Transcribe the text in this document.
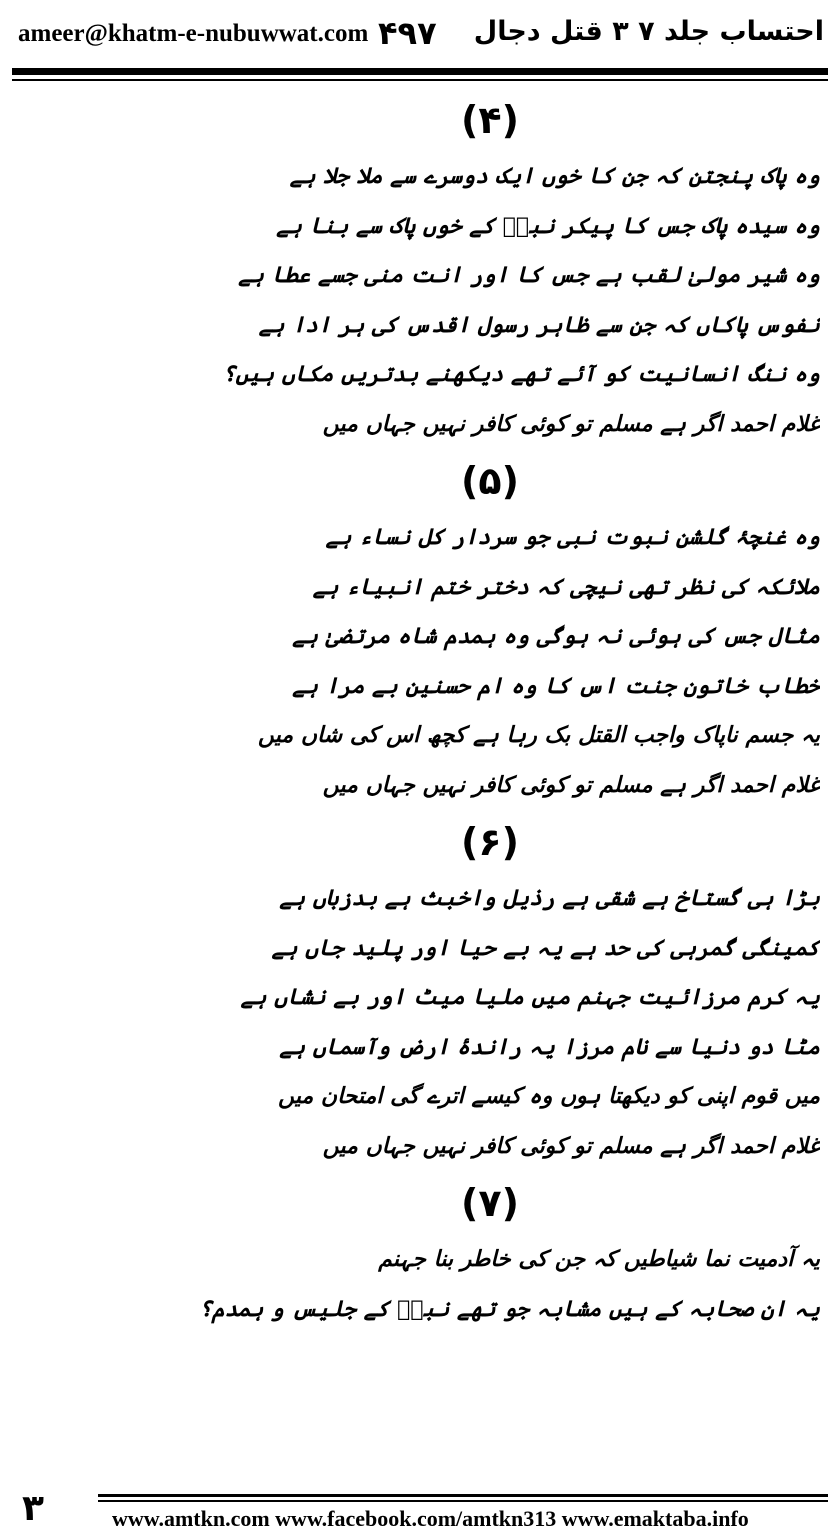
ameer@khatm-e-nubuwwat.com ۴۹۷ احتساب جلد ۷ ۳ قتل دجال
(۴)
وہ پاک پنجتن کہ جن کا خوں ایک دوسرے سے ملا جلا ہے
وہ سیدہ پاک جس کا پیکر نبیؐ کے خوں پاک سے بنا ہے
وہ شیر مولیٰ لقب ہے جس کا اور انت منی جسے عطا ہے
نفوس پاکاں کہ جن سے ظاہر رسول اقدس کی ہر ادا ہے
وہ ننگ انسانیت کو آئے تھے دیکھنے بدتریں مکاں ہیں؟
غلام احمد اگر ہے مسلم تو کوئی کافر نہیں جہاں میں
(۵)
وہ غنچۂ گلشن نبوت نبی جو سردار کل نساء ہے
ملائکہ کی نظر تھی نیچی کہ دختر ختم انبیاء ہے
مثال جس کی ہوئی نہ ہوگی وہ ہمدم شاہ مرتضیٰ ہے
خطاب خاتون جنت اس کا وہ ام حسنین بے مرا ہے
یہ جسم ناپاک واجب القتل بک رہا ہے کچھ اس کی شاں میں
غلام احمد اگر ہے مسلم تو کوئی کافر نہیں جہاں میں
(۶)
بڑا ہی گستاخ ہے شقی ہے رذیل واخبث ہے بدزباں ہے
کمینگی گمرہی کی حد ہے یہ بے حیا اور پلید جاں ہے
یہ کرم مرزائیت جہنم میں ملیا میٹ اور بے نشاں ہے
مٹا دو دنیا سے نام مرزا یہ راندۂ ارض وآسماں ہے
میں قوم اپنی کو دیکھتا ہوں وہ کیسے اترے گی امتحان میں
غلام احمد اگر ہے مسلم تو کوئی کافر نہیں جہاں میں
(۷)
یہ آدمیت نما شیاطیں کہ جن کی خاطر بنا جہنم
یہ ان صحابہ کے ہیں مشابہ جو تھے نبیؐ کے جلیس و ہمدم؟
۳	www.amtkn.com www.facebook.com/amtkn313 www.emaktaba.info
